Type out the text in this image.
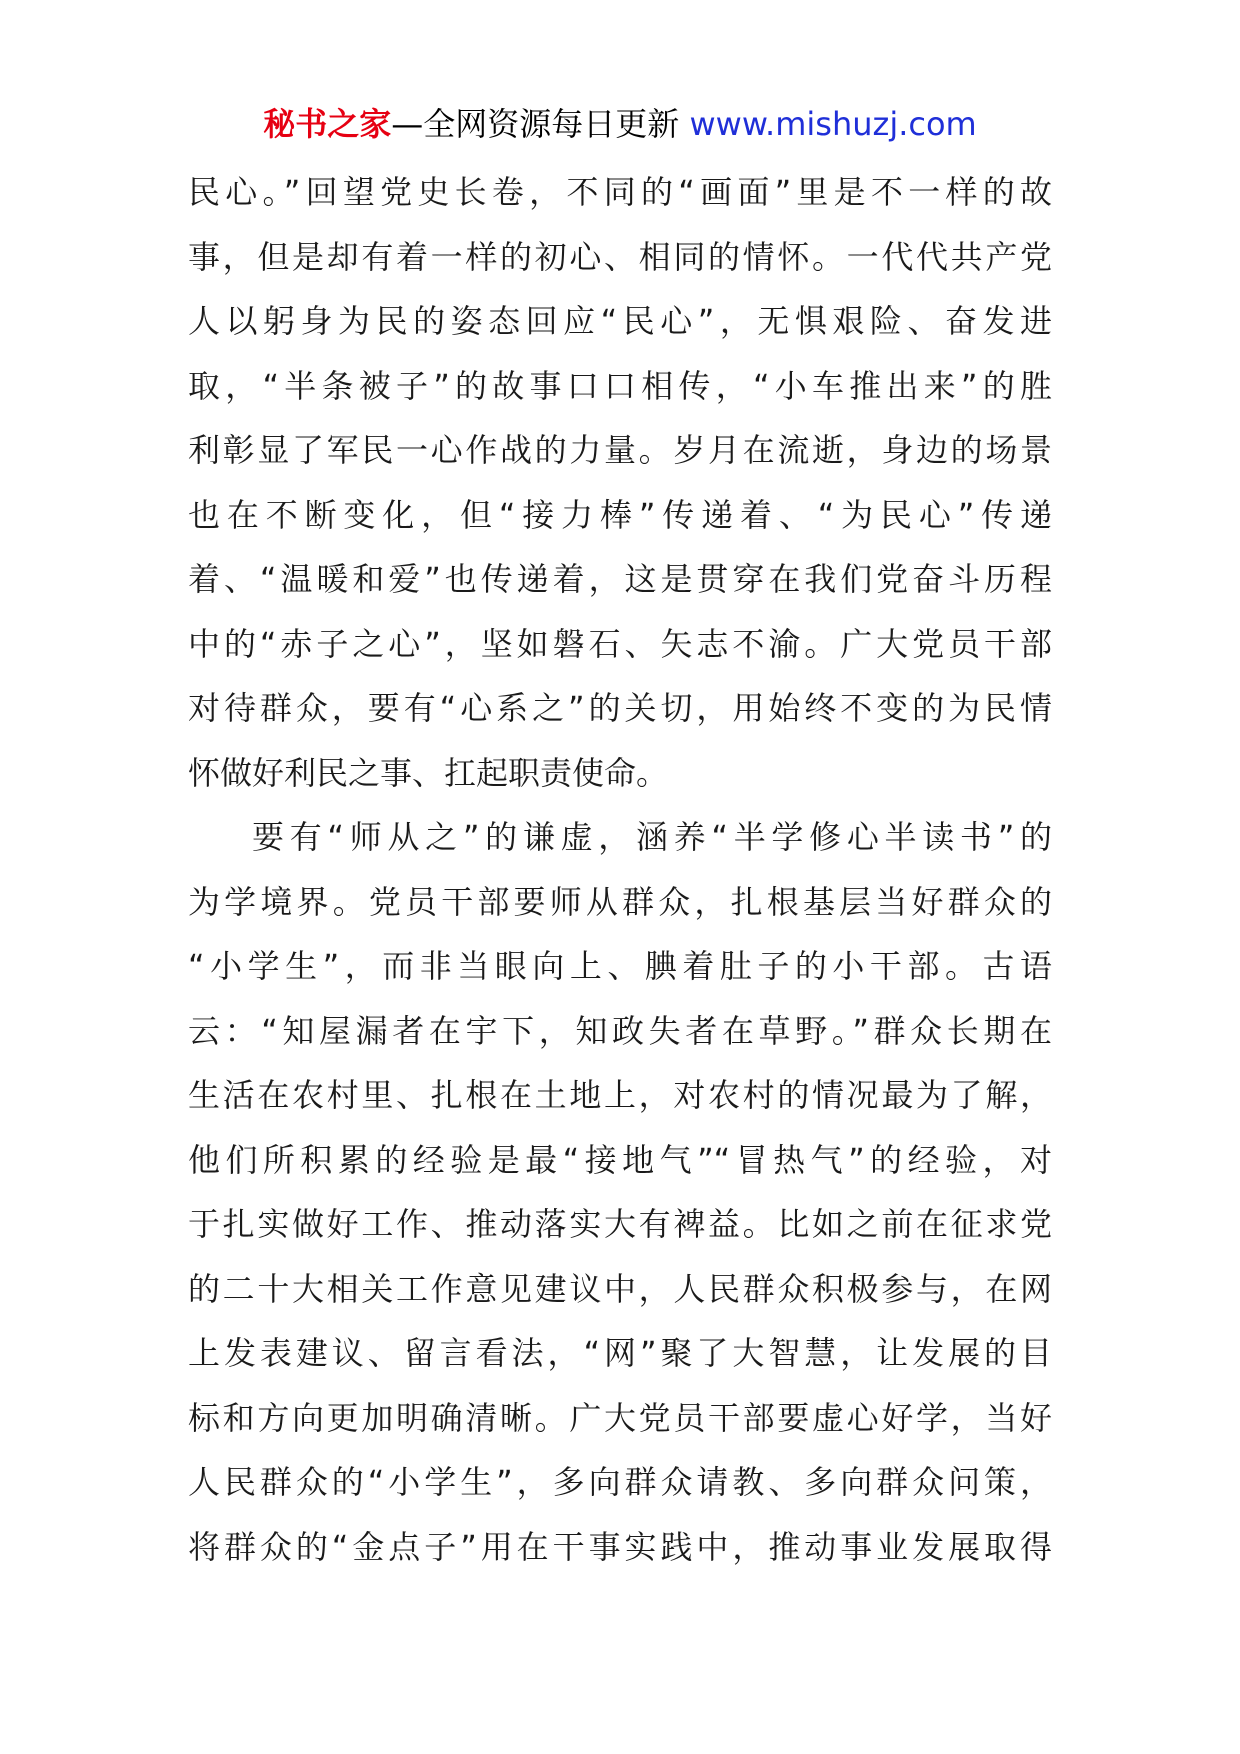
秘书之家—全网资源每日更新 www.mishuzj.com
民心。”回望党史长卷，不同的“画面”里是不一样的故
事，但是却有着一样的初心、相同的情怀。一代代共产党
人以躬身为民的姿态回应“民心”，无惧艰险、奋发进
取，“半条被子”的故事口口相传，“小车推出来”的胜
利彰显了军民一心作战的力量。岁月在流逝，身边的场景
也在不断变化，但“接力棒”传递着、“为民心”传递
着、“温暖和爱”也传递着，这是贯穿在我们党奋斗历程
中的“赤子之心”，坚如磐石、矢志不渝。广大党员干部
对待群众，要有“心系之”的关切，用始终不变的为民情
怀做好利民之事、扛起职责使命。
要有“师从之”的谦虚，涵养“半学修心半读书”的
为学境界。党员干部要师从群众，扎根基层当好群众的
“小学生”，而非当眼向上、腆着肚子的小干部。古语
云：“知屋漏者在宇下，知政失者在草野。”群众长期在
生活在农村里、扎根在土地上，对农村的情况最为了解，
他们所积累的经验是最“接地气”“冒热气”的经验，对
于扎实做好工作、推动落实大有裨益。比如之前在征求党
的二十大相关工作意见建议中，人民群众积极参与，在网
上发表建议、留言看法，“网”聚了大智慧，让发展的目
标和方向更加明确清晰。广大党员干部要虚心好学，当好
人民群众的“小学生”，多向群众请教、多向群众问策，
将群众的“金点子”用在干事实践中，推动事业发展取得
